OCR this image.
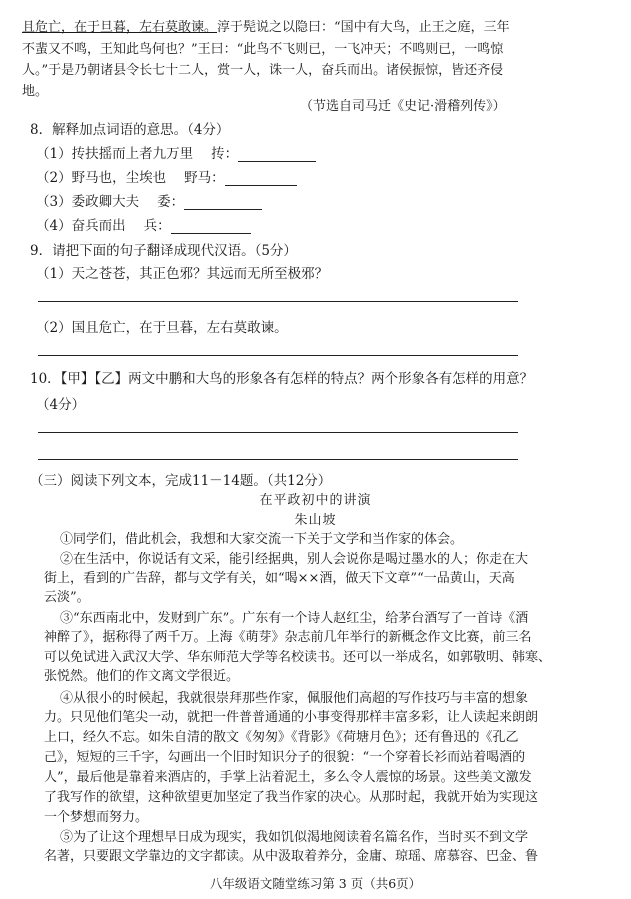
且危亡，在于旦暮，左右莫敢谏。淳于髡说之以隐曰：“国中有大鸟，止王之庭，三年
不蜚又不鸣，王知此鸟何也？”王曰：“此鸟不飞则已，一飞冲天；不鸣则已，一鸣惊
人。”于是乃朝诸县令长七十二人，赏一人，诛一人，奋兵而出。诸侯振惊，皆还齐侵
地。
（节选自司马迁《史记·滑稽列传》）
8．解释加点词语的意思。（4分）
（1）抟扶摇而上者九万里 抟：
（2）野马也，尘埃也 野马：
（3）委政卿大夫 委：
（4）奋兵而出 兵：
9．请把下面的句子翻译成现代汉语。（5分）
（1）天之苍苍，其正色邪？其远而无所至极邪？
（2）国且危亡，在于旦暮，左右莫敢谏。
10．【甲】【乙】两文中鹏和大鸟的形象各有怎样的特点？两个形象各有怎样的用意？
（4分）
（三）阅读下列文本，完成11－14题。（共12分）
在平政初中的讲演
朱山坡
①同学们，借此机会，我想和大家交流一下关于文学和当作家的体会。
②在生活中，你说话有文采，能引经据典，别人会说你是喝过墨水的人；你走在大
街上，看到的广告辞，都与文学有关，如“喝××酒，做天下文章”“一品黄山，天高
云淡”。
③“东西南北中，发财到广东”。广东有一个诗人赵红尘，给茅台酒写了一首诗《酒
神醉了》，据称得了两千万。上海《萌芽》杂志前几年举行的新概念作文比赛，前三名
可以免试进入武汉大学、华东师范大学等名校读书。还可以一举成名，如郭敬明、韩寒、
张悦然。他们的作文离文学很近。
④从很小的时候起，我就很崇拜那些作家，佩服他们高超的写作技巧与丰富的想象
力。只见他们笔尖一动，就把一件普普通通的小事变得那样丰富多彩，让人读起来朗朗
上口，经久不忘。如朱自清的散文《匆匆》《背影》《荷塘月色》；还有鲁迅的《孔乙
己》，短短的三千字，勾画出一个旧时知识分子的很貌：“一个穿着长衫而站着喝酒的
人”，最后他是靠着来酒店的，手掌上沾着泥土，多么令人震惊的场景。这些美文激发
了我写作的欲望，这种欲望更加坚定了我当作家的决心。从那时起，我就开始为实现这
一个梦想而努力。
⑤为了让这个理想早日成为现实，我如饥似渴地阅读着名篇名作，当时买不到文学
名著，只要跟文学靠边的文字都读。从中汲取着养分，金庸、琼瑶、席慕容、巴金、鲁
八年级语文随堂练习第 3 页（共6页）
